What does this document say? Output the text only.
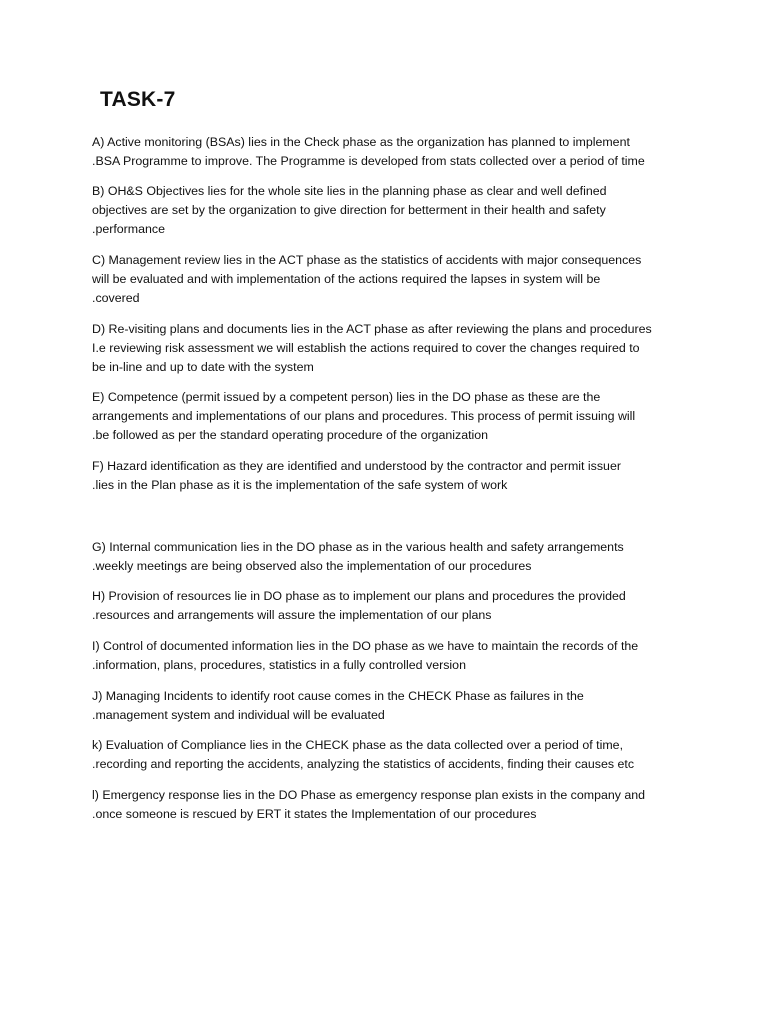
TASK-7

A) Active monitoring (BSAs) lies in the Check phase as the organization has planned to implement
.BSA Programme to improve. The Programme is developed from stats collected over a period of time

B) OH&S Objectives lies for the whole site lies in the planning phase as clear and well defined
objectives are set by the organization to give direction for betterment in their health and safety
.performance

C) Management review lies in the ACT phase as the statistics of accidents with major consequences
will be evaluated and with implementation of the actions required the lapses in system will be
.covered

D) Re-visiting plans and documents lies in the ACT phase as after reviewing the plans and procedures
I.e reviewing risk assessment we will establish the actions required to cover the changes required to
be in-line and up to date with the system

E) Competence (permit issued by a competent person) lies in the DO phase as these are the
arrangements and implementations of our plans and procedures. This process of permit issuing will
.be followed as per the standard operating procedure of the organization

F) Hazard identification as they are identified and understood by the contractor and permit issuer
.lies in the Plan phase as it is the implementation of the safe system of work

G) Internal communication lies in the DO phase as in the various health and safety arrangements
.weekly meetings are being observed also the implementation of our procedures

H) Provision of resources lie in DO phase as to implement our plans and procedures the provided
.resources and arrangements will assure the implementation of our plans

I) Control of documented information lies in the DO phase as we have to maintain the records of the
.information, plans, procedures, statistics in a fully controlled version

J) Managing Incidents to identify root cause comes in the CHECK Phase as failures in the
.management system and individual will be evaluated

k) Evaluation of Compliance lies in the CHECK phase as the data collected over a period of time,
.recording and reporting the accidents, analyzing the statistics of accidents, finding their causes etc

l) Emergency response lies in the DO Phase as emergency response plan exists in the company and
.once someone is rescued by ERT it states the Implementation of our procedures
